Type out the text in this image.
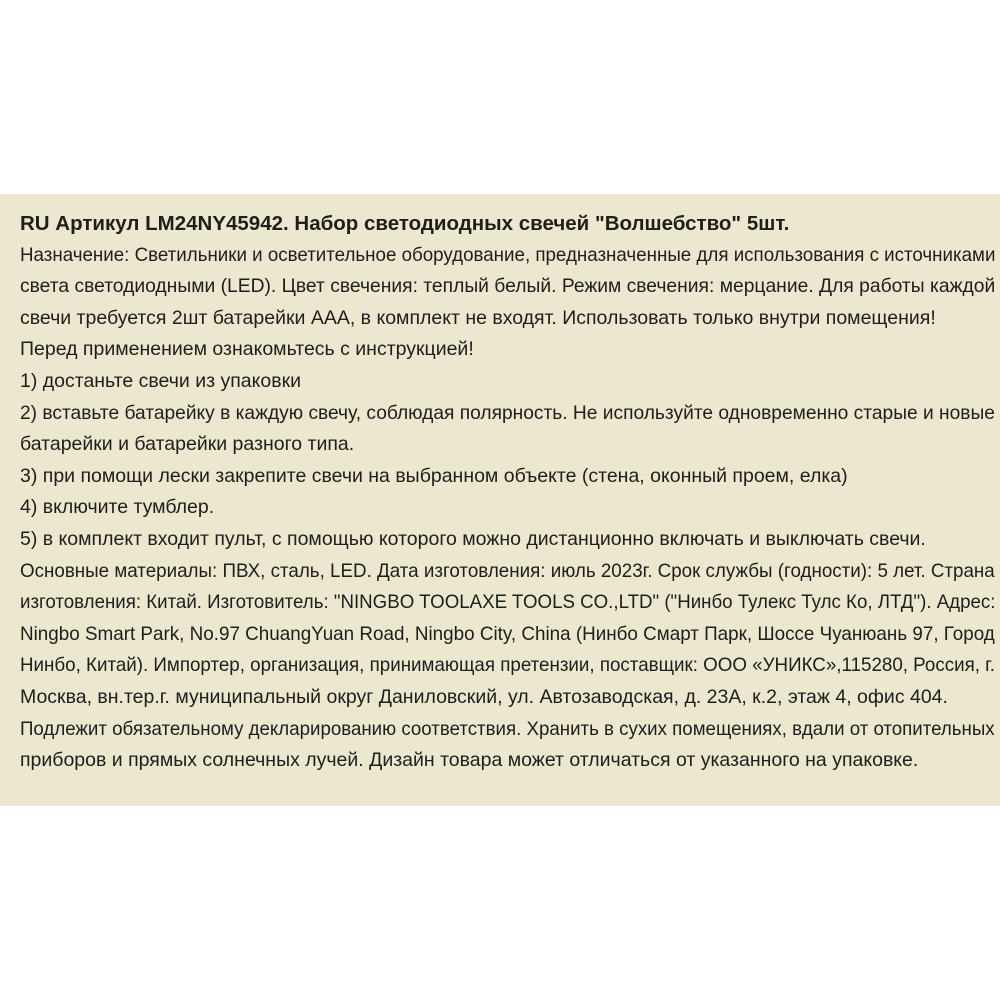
RU Артикул LM24NY45942. Набор светодиодных свечей "Волшебство" 5шт.
Назначение: Светильники и осветительное оборудование, предназначенные для использования с источниками
света светодиодными (LED). Цвет свечения: теплый белый. Режим свечения: мерцание. Для работы каждой
свечи требуется 2шт батарейки ААА, в комплект не входят. Использовать только внутри помещения!
Перед применением ознакомьтесь с инструкцией!
1) достаньте свечи из упаковки
2) вставьте батарейку в каждую свечу, соблюдая полярность. Не используйте одновременно старые и новые
батарейки и батарейки разного типа.
3) при помощи лески закрепите свечи на выбранном объекте (стена, оконный проем, елка)
4) включите тумблер.
5) в комплект входит пульт, с помощью которого можно дистанционно включать и выключать свечи.
Основные материалы: ПВХ, сталь, LED. Дата изготовления: июль 2023г. Срок службы (годности): 5 лет. Страна
изготовления: Китай. Изготовитель: "NINGBO TOOLAXE TOOLS CO.,LTD" ("Нинбо Тулекс Тулс Ко, ЛТД"). Адрес:
Ningbo Smart Park, No.97 ChuangYuan Road, Ningbo City, China (Нинбо Смарт Парк, Шоссе Чуанюань 97, Город
Нинбо, Китай). Импортер, организация, принимающая претензии, поставщик: ООО «УНИКС»,115280, Россия, г.
Москва, вн.тер.г. муниципальный округ Даниловский, ул. Автозаводская, д. 23А, к.2, этаж 4, офис 404.
Подлежит обязательному декларированию соответствия. Хранить в сухих помещениях, вдали от отопительных
приборов и прямых солнечных лучей. Дизайн товара может отличаться от указанного на упаковке.
